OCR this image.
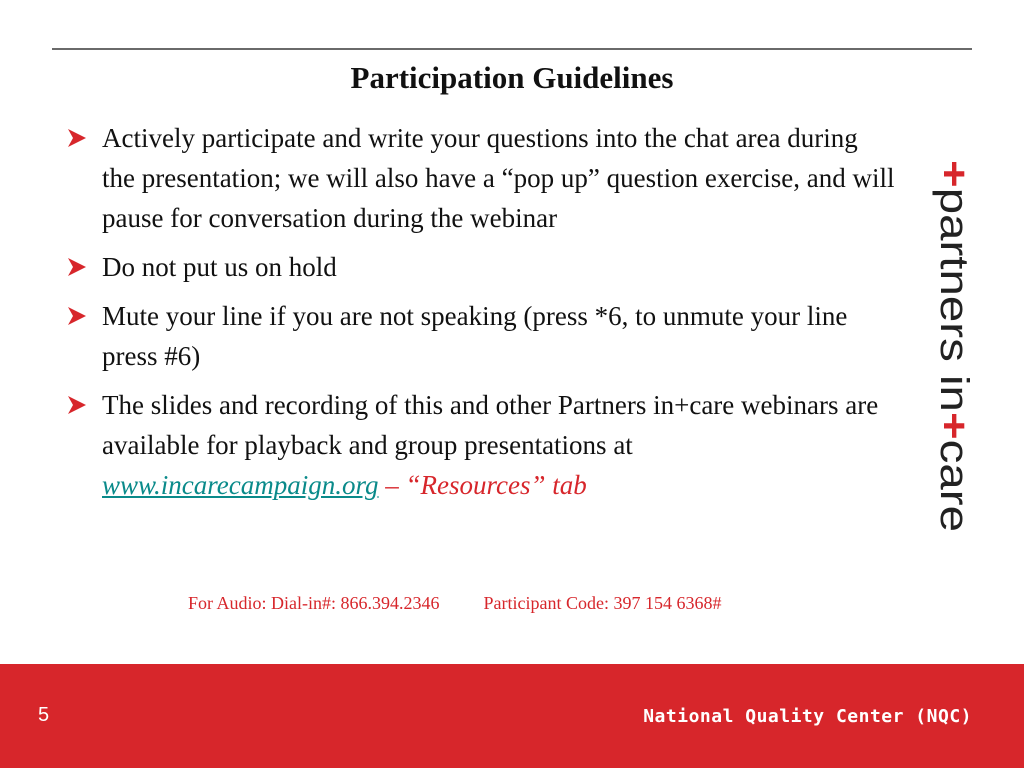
Participation Guidelines
Actively participate and write your questions into the chat area during the presentation; we will also have a “pop up” question exercise, and will pause for conversation during the webinar
Do not put us on hold
Mute your line if you are not speaking (press *6, to unmute your line press #6)
The slides and recording of this and other Partners in+care webinars are available for playback and group presentations at www.incarecampaign.org – “Resources” tab
For Audio: Dial-in#: 866.394.2346 Participant Code: 397 154 6368#
+partners in+care
5	National Quality Center (NQC)
